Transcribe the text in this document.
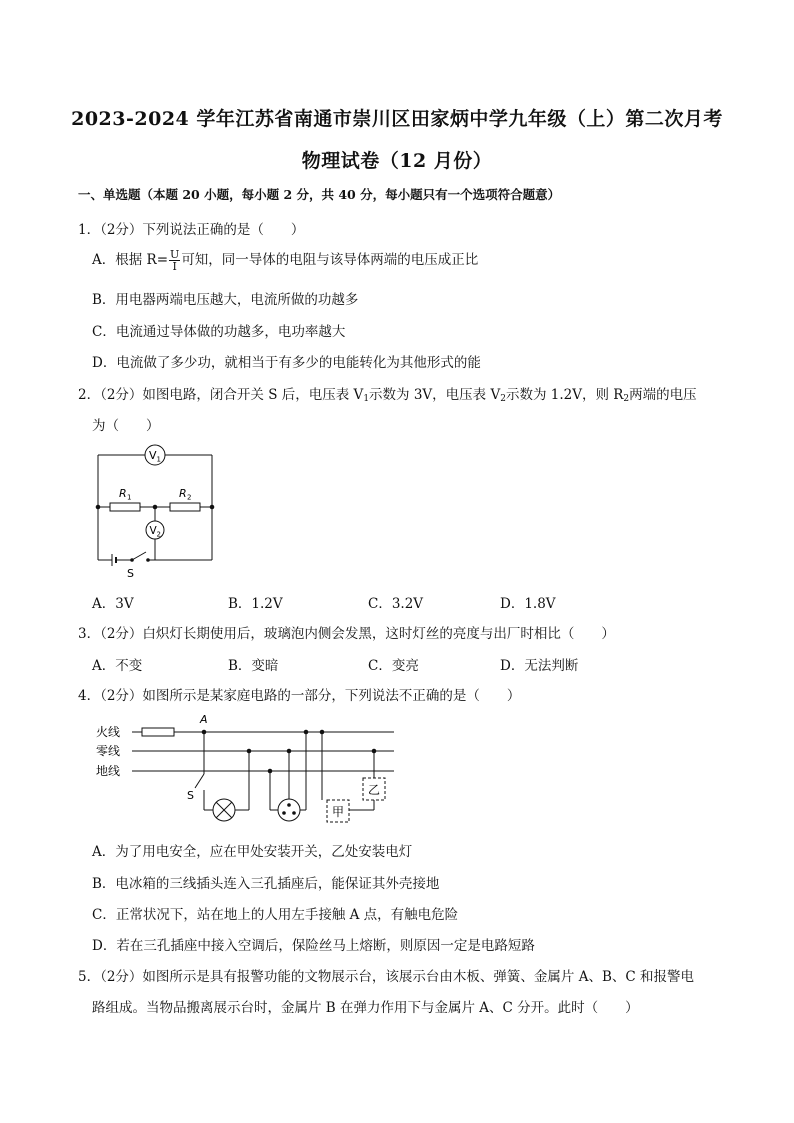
2023-2024 学年江苏省南通市崇川区田家炳中学九年级（上）第二次月考
物理试卷（12 月份）
一、单选题（本题 20 小题，每小题 2 分，共 40 分，每小题只有一个选项符合题意）
1．（2分）下列说法正确的是（　　）
A．根据 $R= \frac{U}{I}$ 可知，同一导体的电阻与该导体两端的电压成正比
B．用电器两端电压越大，电流所做的功越多
C．电流通过导体做的功越多，电功率越大
D．电流做了多少功，就相当于有多少的电能转化为其他形式的能
2．（2分）如图电路，闭合开关 S 后，电压表 $V_1$示数为 3V，电压表 $V_2$示数为 1.2V，则 $R_2$两端的电压
为（　　）
V 1
V 2
R 1	R 2
S
A．3V	B．1.2V	C．3.2V	D．1.8V
3．（2分）白炽灯长期使用后，玻璃泡内侧会发黑，这时灯丝的亮度与出厂时相比（　　）
A．不变	B．变暗	C．变亮	D．无法判断
4．（2分）如图所示是某家庭电路的一部分，下列说法不正确的是（　　）
火线
零线
地线
A
S
甲
乙
A．为了用电安全，应在甲处安装开关，乙处安装电灯
B．电冰箱的三线插头连入三孔插座后，能保证其外壳接地
C．正常状况下，站在地上的人用左手接触 A 点，有触电危险
D．若在三孔插座中接入空调后，保险丝马上熔断，则原因一定是电路短路
5．（2分）如图所示是具有报警功能的文物展示台，该展示台由木板、弹簧、金属片 A、B、C 和报警电
路组成。当物品搬离展示台时，金属片 B 在弹力作用下与金属片 A、C 分开。此时（　　）
